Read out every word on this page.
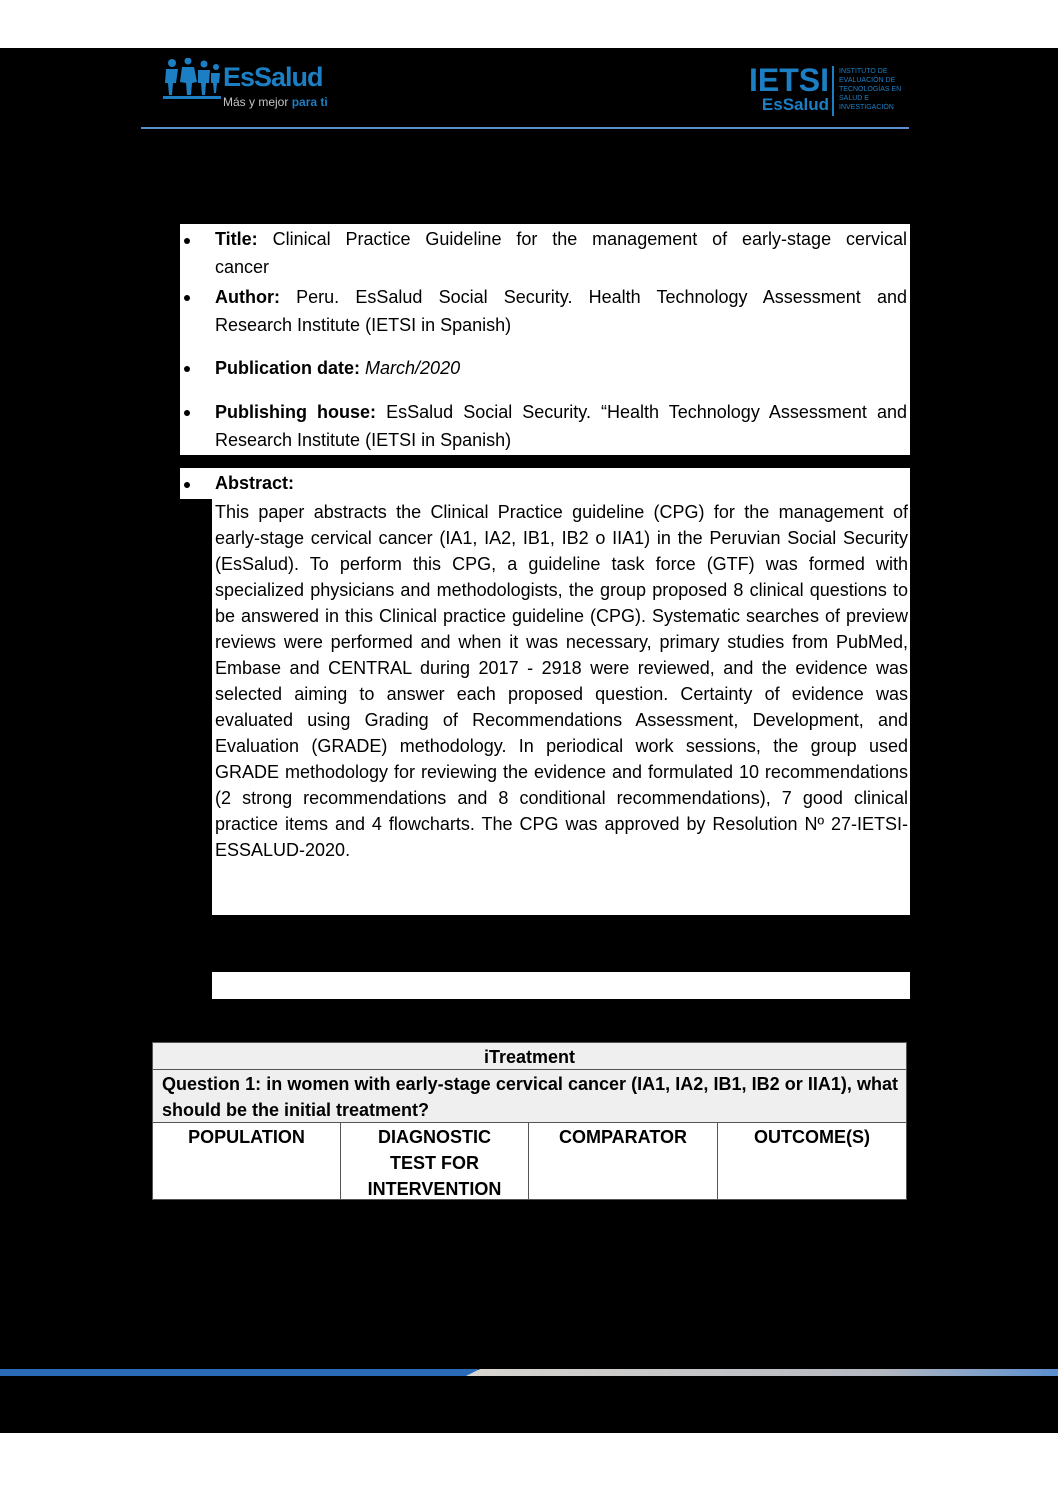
EsSalud
Más y mejor para ti
IETSI
EsSalud
INSTITUTO DE EVALUACIÓN DE TECNOLOGÍAS EN SALUD E INVESTIGACIÓN
Title: Clinical Practice Guideline for the management of early-stage cervical
cancer
Author: Peru. EsSalud Social Security. Health Technology Assessment and
Research Institute (IETSI in Spanish)
Publication date: March/2020
Publishing house: EsSalud Social Security. “Health Technology Assessment and
Research Institute (IETSI in Spanish)
Abstract:
This paper abstracts the Clinical Practice guideline (CPG) for the management of early-stage cervical cancer (IA1, IA2, IB1, IB2 o IIA1) in the Peruvian Social Security (EsSalud). To perform this CPG, a guideline task force (GTF) was formed with specialized physicians and methodologists, the group proposed 8 clinical questions to be answered in this Clinical practice guideline (CPG). Systematic searches of preview reviews were performed and when it was necessary, primary studies from PubMed, Embase and CENTRAL during 2017 - 2918 were reviewed, and the evidence was selected aiming to answer each proposed question. Certainty of evidence was evaluated using Grading of Recommendations Assessment, Development, and Evaluation (GRADE) methodology. In periodical work sessions, the group used GRADE methodology for reviewing the evidence and formulated 10 recommendations (2 strong recommendations and 8 conditional recommendations), 7 good clinical practice items and 4 flowcharts. The CPG was approved by Resolution Nº 27-IETSI-ESSALUD-2020.
iTreatment
Question 1: in women with early-stage cervical cancer (IA1, IA2, IB1, IB2 or IIA1), what should be the initial treatment?
POPULATION	DIAGNOSTIC TEST FOR INTERVENTION
COMPARATOR	OUTCOME(S)
